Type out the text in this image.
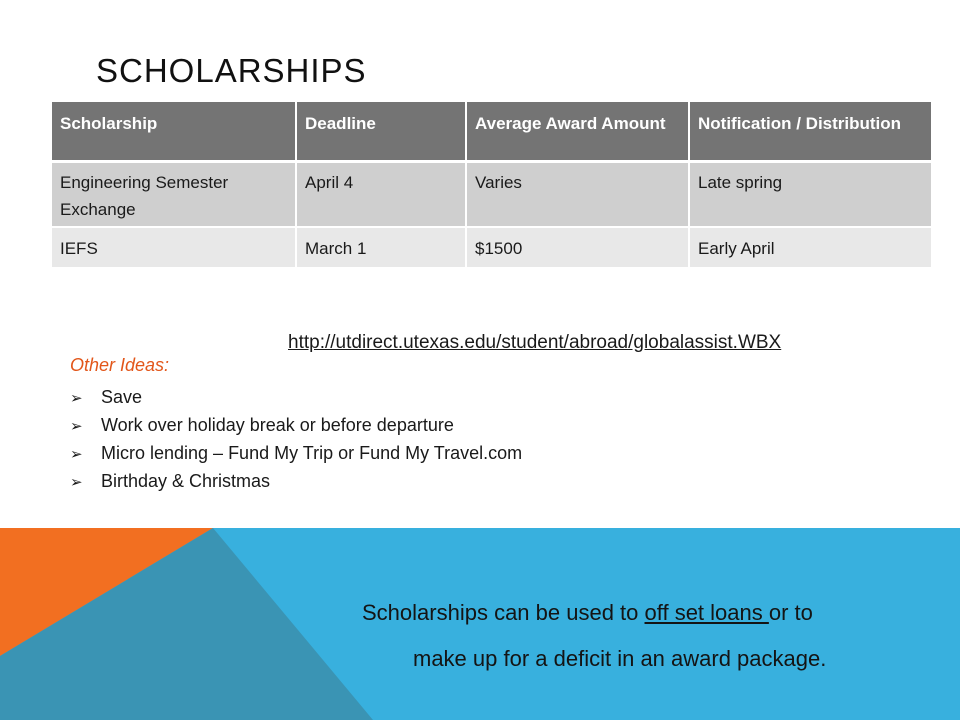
SCHOLARSHIPS
Scholarship	Deadline	Average Award Amount	Notification / Distribution
Engineering Semester Exchange	April 4	Varies	Late spring
IEFS	March 1	$1500	Early April
http://utdirect.utexas.edu/student/abroad/globalassist.WBX
Other Ideas:
➢ Save
➢ Work over holiday break or before departure
➢ Micro lending – Fund My Trip or Fund My Travel.com
➢ Birthday & Christmas
Scholarships can be used to off set loans or to
make up for a deficit in an award package.
